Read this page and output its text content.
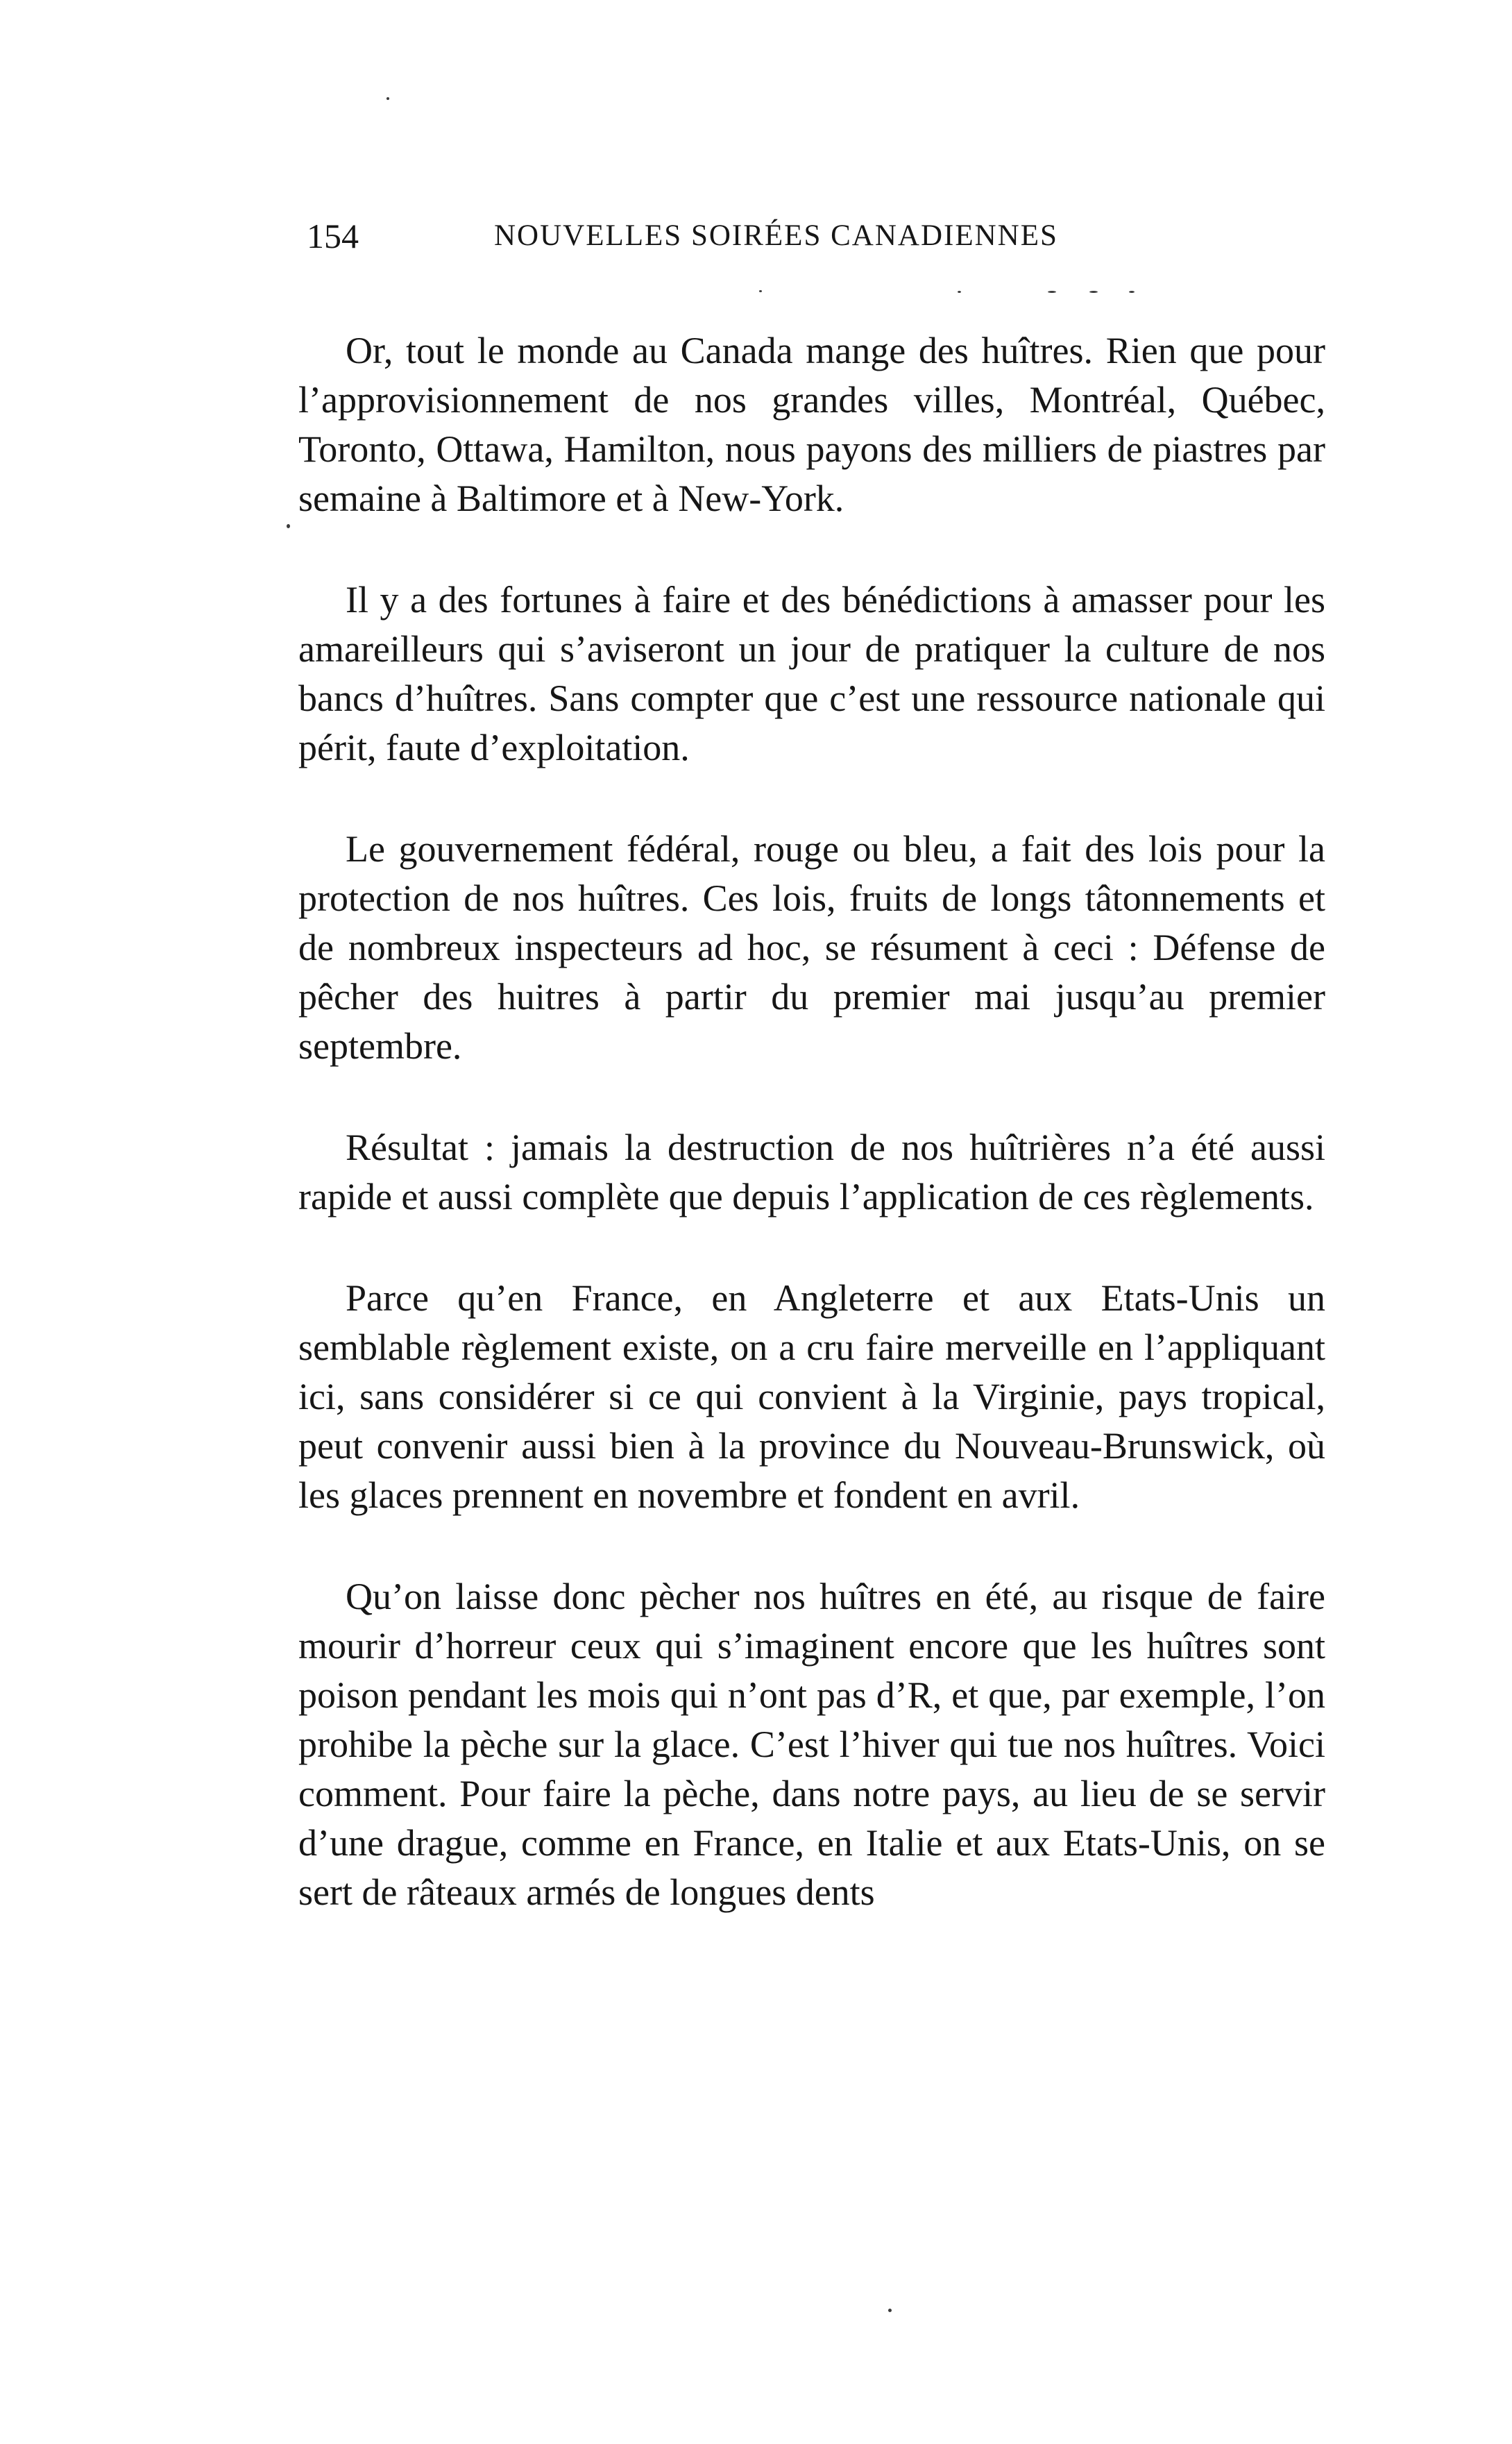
154	NOUVELLES SOIRÉES CANADIENNES

Or, tout le monde au Canada mange des huîtres. Rien que pour l’approvisionnement de nos grandes villes, Montréal, Québec, Toronto, Ottawa, Hamilton, nous payons des milliers de piastres par semaine à Baltimore et à New-York.

Il y a des fortunes à faire et des bénédictions à amasser pour les amareilleurs qui s’aviseront un jour de pratiquer la culture de nos bancs d’huîtres. Sans compter que c’est une ressource nationale qui périt, faute d’exploitation.

Le gouvernement fédéral, rouge ou bleu, a fait des lois pour la protection de nos huîtres. Ces lois, fruits de longs tâtonnements et de nombreux inspecteurs ad hoc, se résument à ceci : Défense de pêcher des huitres à partir du premier mai jusqu’au premier septembre.

Résultat : jamais la destruction de nos huîtrières n’a été aussi rapide et aussi complète que depuis l’application de ces règlements.

Parce qu’en France, en Angleterre et aux Etats-Unis un semblable règlement existe, on a cru faire merveille en l’appliquant ici, sans considérer si ce qui convient à la Virginie, pays tropical, peut convenir aussi bien à la province du Nouveau-Brunswick, où les glaces prennent en novembre et fondent en avril.

Qu’on laisse donc pècher nos huîtres en été, au risque de faire mourir d’horreur ceux qui s’imaginent encore que les huîtres sont poison pendant les mois qui n’ont pas d’R, et que, par exemple, l’on prohibe la pèche sur la glace. C’est l’hiver qui tue nos huîtres. Voici comment. Pour faire la pèche, dans notre pays, au lieu de se servir d’une drague, comme en France, en Italie et aux Etats-Unis, on se sert de râteaux armés de longues dents
